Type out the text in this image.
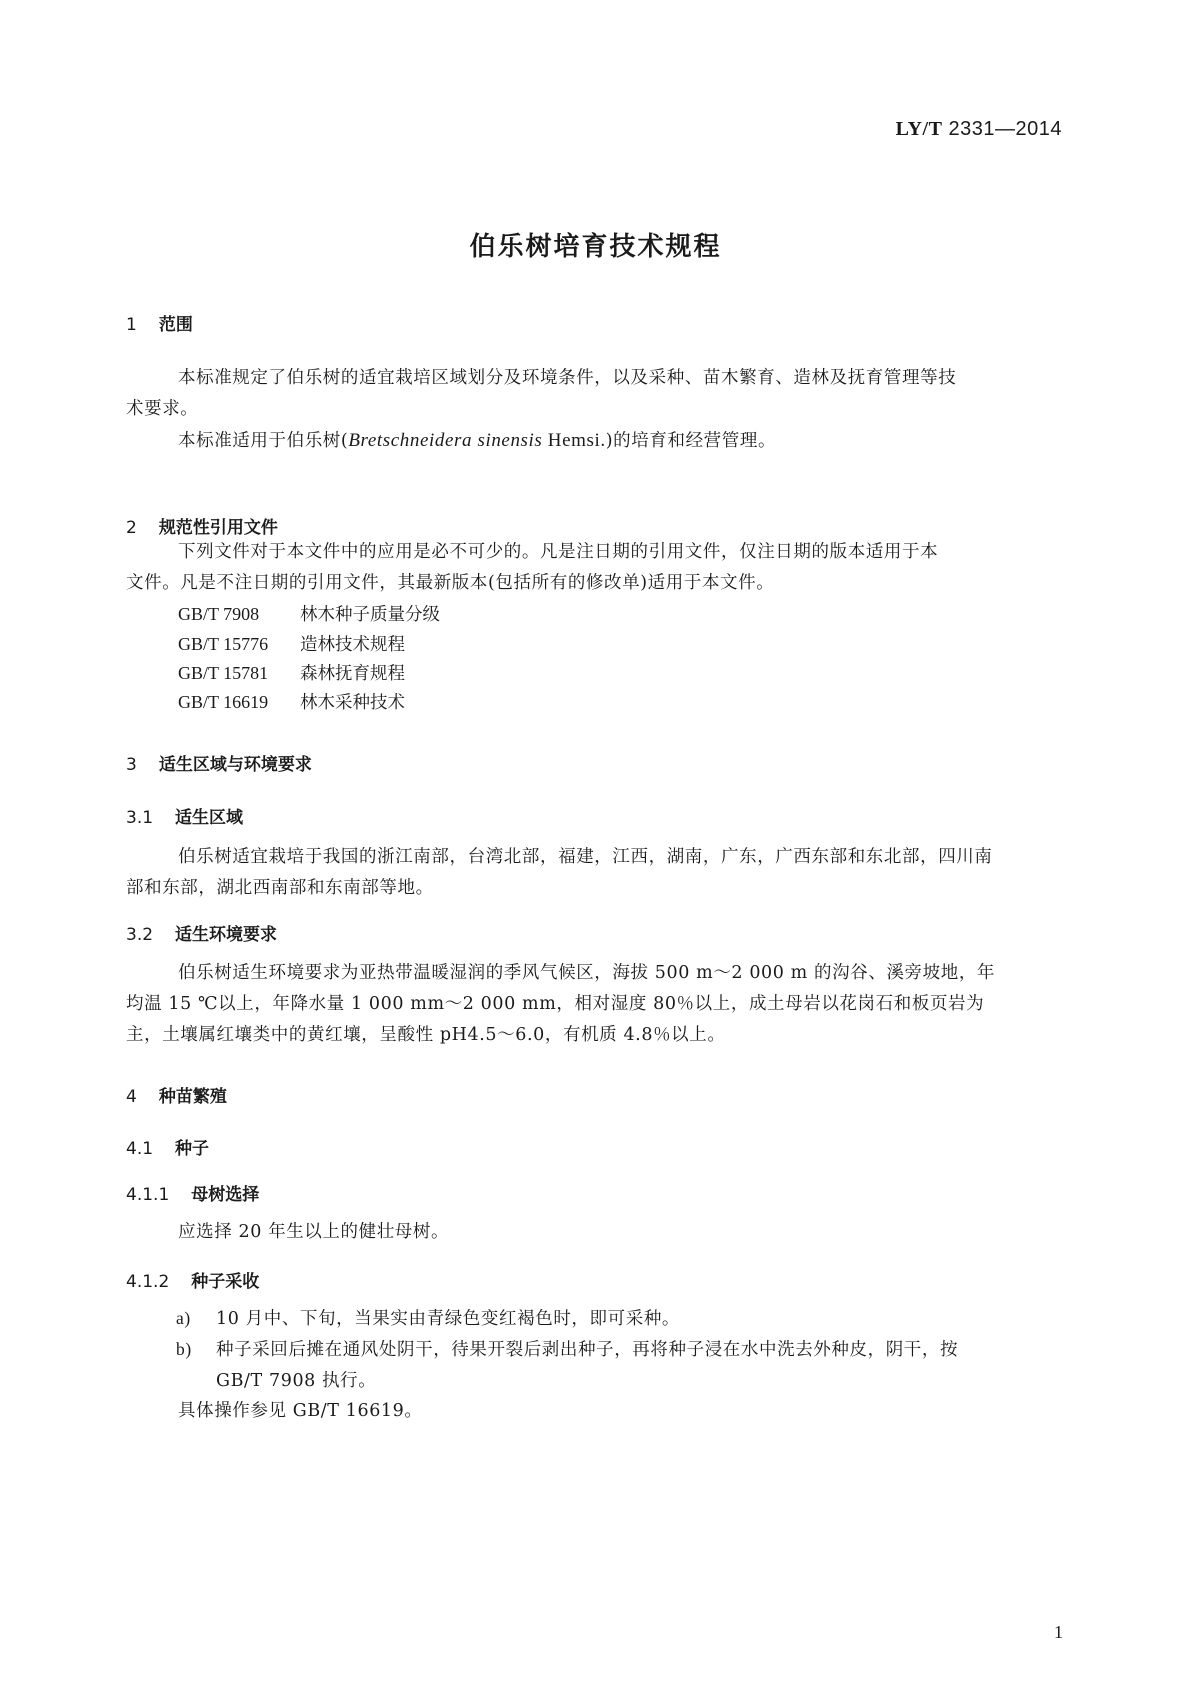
LY/T 2331—2014
伯乐树培育技术规程
1 范围
本标准规定了伯乐树的适宜栽培区域划分及环境条件，以及采种、苗木繁育、造林及抚育管理等技
术要求。
本标准适用于伯乐树(Bretschneidera sinensis Hemsi.)的培育和经营管理。
2 规范性引用文件
下列文件对于本文件中的应用是必不可少的。凡是注日期的引用文件，仅注日期的版本适用于本
文件。凡是不注日期的引用文件，其最新版本(包括所有的修改单)适用于本文件。
GB/T 7908 林木种子质量分级
GB/T 15776 造林技术规程
GB/T 15781 森林抚育规程
GB/T 16619 林木采种技术
3 适生区域与环境要求
3.1 适生区域
伯乐树适宜栽培于我国的浙江南部，台湾北部，福建，江西，湖南，广东，广西东部和东北部，四川南
部和东部，湖北西南部和东南部等地。
3.2 适生环境要求
伯乐树适生环境要求为亚热带温暖湿润的季风气候区，海拔 500 m～2 000 m 的沟谷、溪旁坡地，年
均温 15 ℃以上，年降水量 1 000 mm～2 000 mm，相对湿度 80％以上，成土母岩以花岗石和板页岩为
主，土壤属红壤类中的黄红壤，呈酸性 pH4.5～6.0，有机质 4.8％以上。
4 种苗繁殖
4.1 种子
4.1.1 母树选择
应选择 20 年生以上的健壮母树。
4.1.2 种子采收
a) 10 月中、下旬，当果实由青绿色变红褐色时，即可采种。
b) 种子采回后摊在通风处阴干，待果开裂后剥出种子，再将种子浸在水中洗去外种皮，阴干，按
GB/T 7908 执行。
具体操作参见 GB/T 16619。
1
